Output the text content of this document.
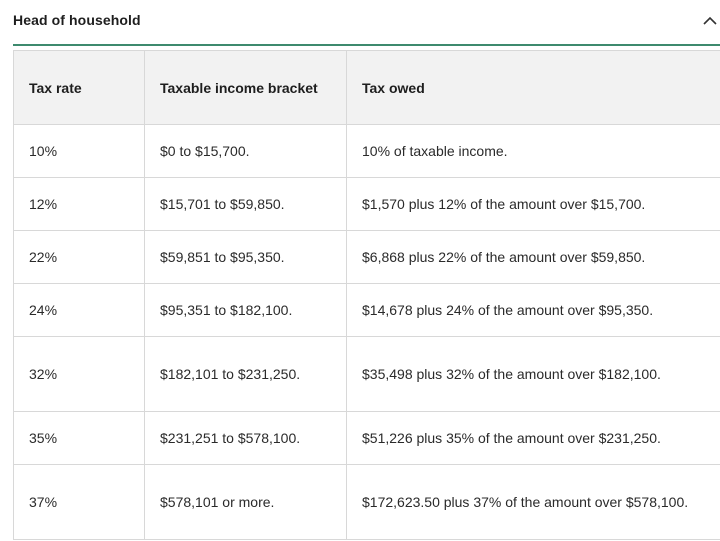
Head of household
Tax rate	Taxable income bracket	Tax owed
10%	$0 to $15,700.	10% of taxable income.
12%	$15,701 to $59,850.	$1,570 plus 12% of the amount over $15,700.
22%	$59,851 to $95,350.	$6,868 plus 22% of the amount over $59,850.
24%	$95,351 to $182,100.	$14,678 plus 24% of the amount over $95,350.
32%	$182,101 to $231,250.	$35,498 plus 32% of the amount over $182,100.
35%	$231,251 to $578,100.	$51,226 plus 35% of the amount over $231,250.
37%	$578,101 or more.	$172,623.50 plus 37% of the amount over $578,100.
